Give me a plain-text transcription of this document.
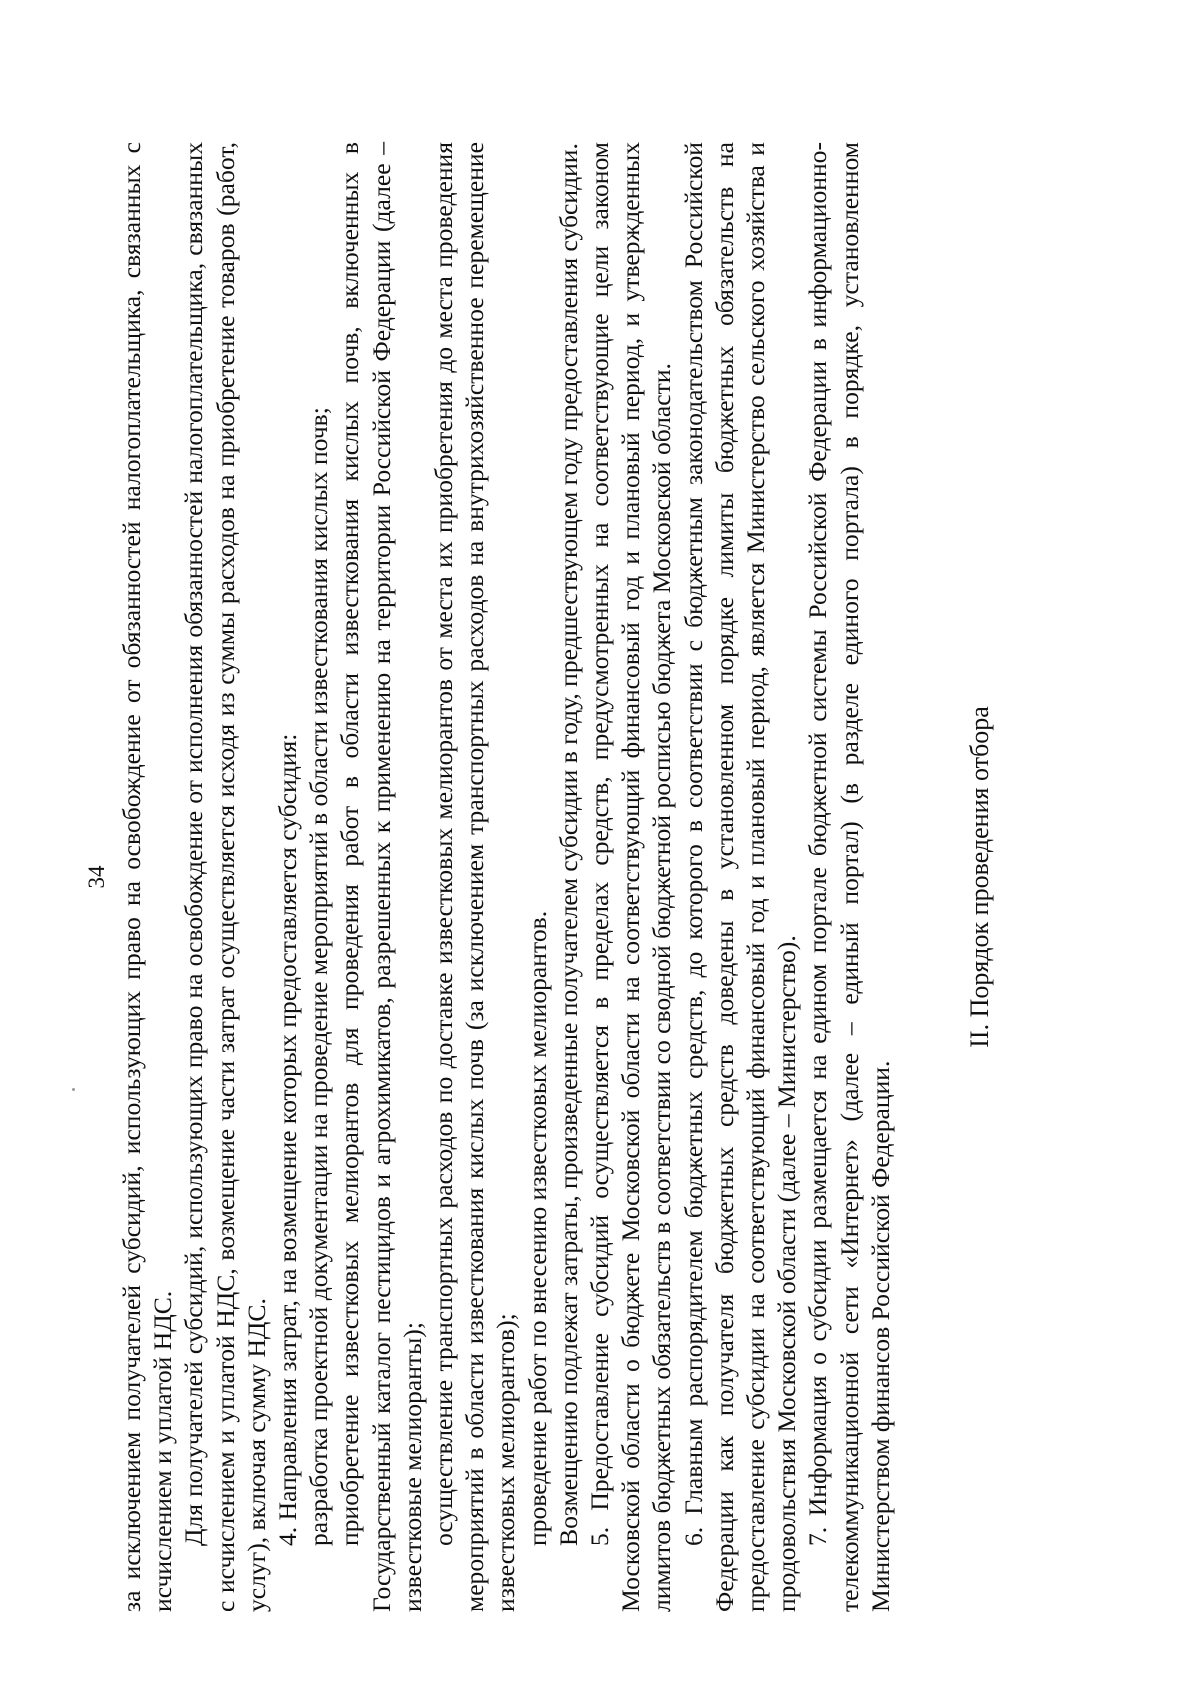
34 за исключением получателей субсидий, использующих право на освобождение от обязанностей налогоплательщика, связанных с исчислением и уплатой НДС. Для получателей субсидий, использующих право на освобождение от исполнения обязанностей налогоплательщика, связанных с исчислением и уплатой НДС, возмещение части затрат осуществляется исходя из суммы расходов на приобретение товаров (работ, услуг), включая сумму НДС. 4. Направления затрат, на возмещение которых предоставляется субсидия: разработка проектной документации на проведение мероприятий в области известкования кислых почв; приобретение известковых мелиорантов для проведения работ в области известкования кислых почв, включенных в Государственный каталог пестицидов и агрохимикатов, разрешенных к применению на территории Российской Федерации (далее – известковые мелиоранты); осуществление транспортных расходов по доставке известковых мелиорантов от места их приобретения до места проведения мероприятий в области известкования кислых почв (за исключением транспортных расходов на внутрихозяйственное перемещение известковых мелиорантов); проведение работ по внесению известковых мелиорантов. Возмещению подлежат затраты, произведенные получателем субсидии в году, предшествующем году предоставления субсидии. 5. Предоставление субсидий осуществляется в пределах средств, предусмотренных на соответствующие цели законом Московской области о бюджете Московской области на соответствующий финансовый год и плановый период, и утвержденных лимитов бюджетных обязательств в соответствии со сводной бюджетной росписью бюджета Московской области. 6. Главным распорядителем бюджетных средств, до которого в соответствии с бюджетным законодательством Российской Федерации как получателя бюджетных средств доведены в установленном порядке лимиты бюджетных обязательств на предоставление субсидии на соответствующий финансовый год и плановый период, является Министерство сельского хозяйства и продовольствия Московской области (далее – Министерство). 7. Информация о субсидии размещается на едином портале бюджетной системы Российской Федерации в информационно-телекоммуникационной сети «Интернет» (далее – единый портал) (в разделе единого портала) в порядке, установленном Министерством финансов Российской Федерации.

II. Порядок проведения отбора
